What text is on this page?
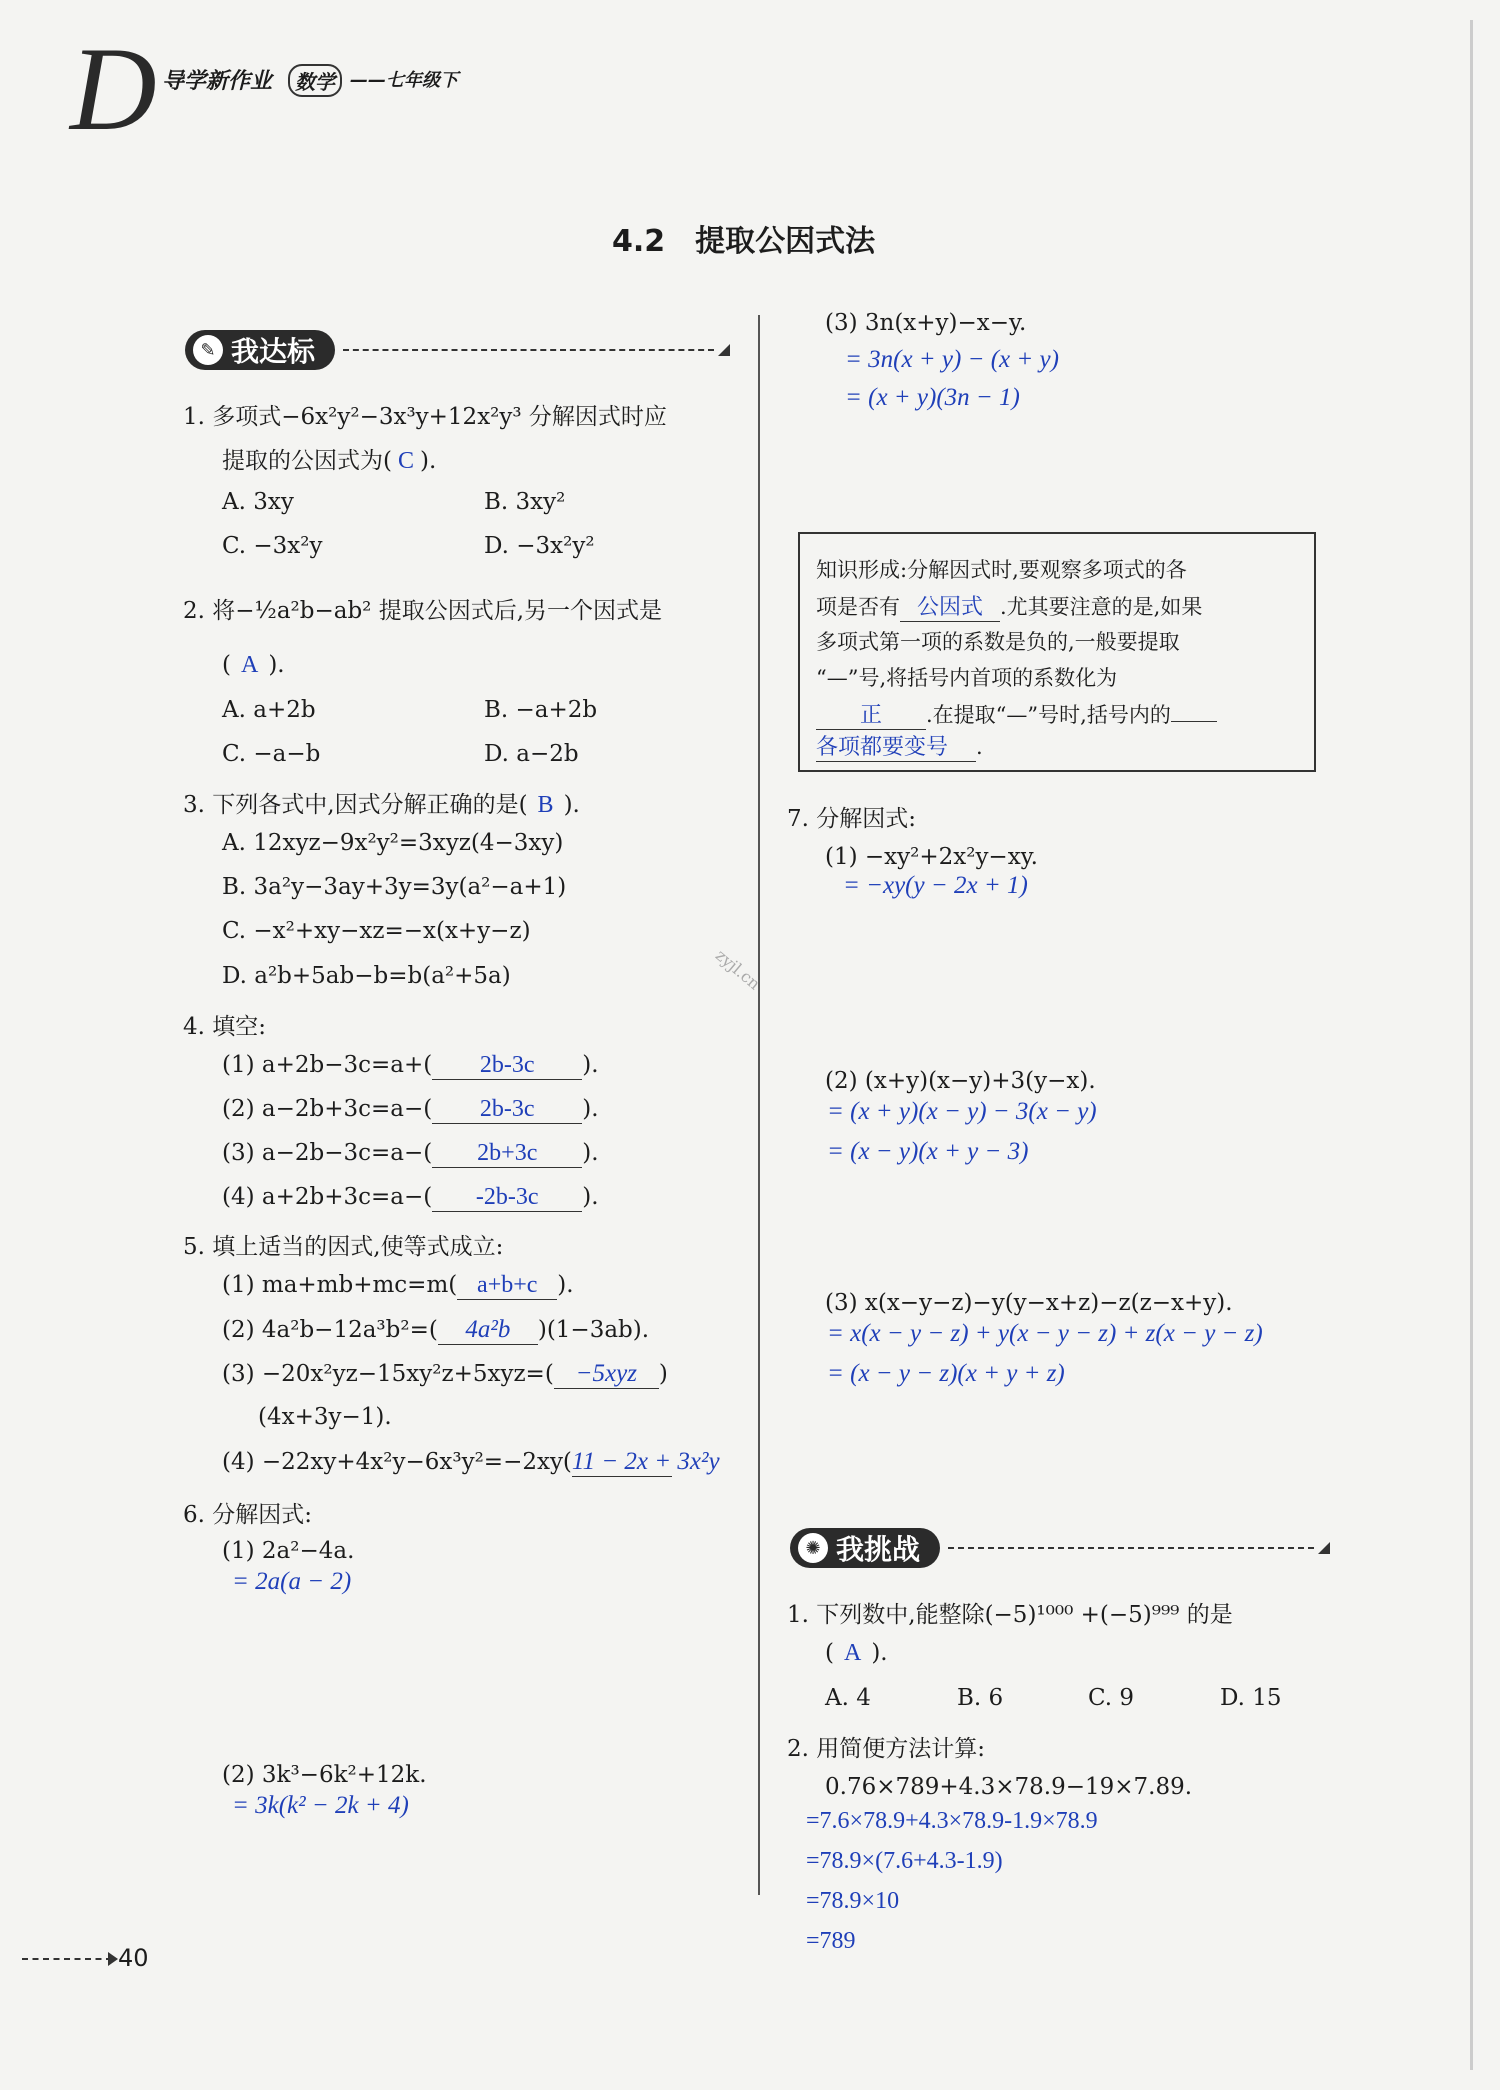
D 导学新作业	数学 ——七年级下
4.2　提取公因式法
✎ 我达标
1. 多项式−6x²y²−3x³y+12x²y³ 分解因式时应
提取的公因式为( C ).
A. 3xy	B. 3xy²
C. −3x²y	D. −3x²y²
2. 将−½a²b−ab² 提取公因式后,另一个因式是
( A ).
A. a+2b	B. −a+2b
C. −a−b	D. a−2b
3. 下列各式中,因式分解正确的是( B ).
A. 12xyz−9x²y²=3xyz(4−3xy)
B. 3a²y−3ay+3y=3y(a²−a+1)
C. −x²+xy−xz=−x(x+y−z)
D. a²b+5ab−b=b(a²+5a)
4. 填空:
(1) a+2b−3c=a+( 2b-3c ).
(2) a−2b+3c=a−( 2b-3c ).
(3) a−2b−3c=a−( 2b+3c ).
(4) a+2b+3c=a−( -2b-3c ).
5. 填上适当的因式,使等式成立:
(1) ma+mb+mc=m( a+b+c ).
(2) 4a²b−12a³b²=( 4a²b )(1−3ab).
(3) −20x²yz−15xy²z+5xyz=( −5xyz )
(4x+3y−1).
(4) −22xy+4x²y−6x³y²=−2xy(11 − 2x + 3x²y
6. 分解因式:
(1) 2a²−4a.
= 2a(a − 2)
(2) 3k³−6k²+12k.
= 3k(k² − 2k + 4)
(3) 3n(x+y)−x−y.
= 3n(x + y) − (x + y)
= (x + y)(3n − 1)
知识形成:分解因式时,要观察多项式的各
项是否有 公因式 .尤其要注意的是,如果
多项式第一项的系数是负的,一般要提取
“—”号,将括号内首项的系数化为
正 .在提取“—”号时,括号内的
各项都要变号 .
7. 分解因式:
(1) −xy²+2x²y−xy.
= −xy(y − 2x + 1)
(2) (x+y)(x−y)+3(y−x).
= (x + y)(x − y) − 3(x − y)
= (x − y)(x + y − 3)
(3) x(x−y−z)−y(y−x+z)−z(z−x+y).
= x(x − y − z) + y(x − y − z) + z(x − y − z)
= (x − y − z)(x + y + z)
✺ 我挑战
1. 下列数中,能整除(−5)¹⁰⁰⁰ +(−5)⁹⁹⁹ 的是
( A ).
A. 4	B. 6	C. 9	D. 15
2. 用简便方法计算:
0.76×789+4.3×78.9−19×7.89.
=7.6×78.9+4.3×78.9-1.9×78.9
=78.9×(7.6+4.3-1.9)
=78.9×10
=789
zyjl.cn
40
